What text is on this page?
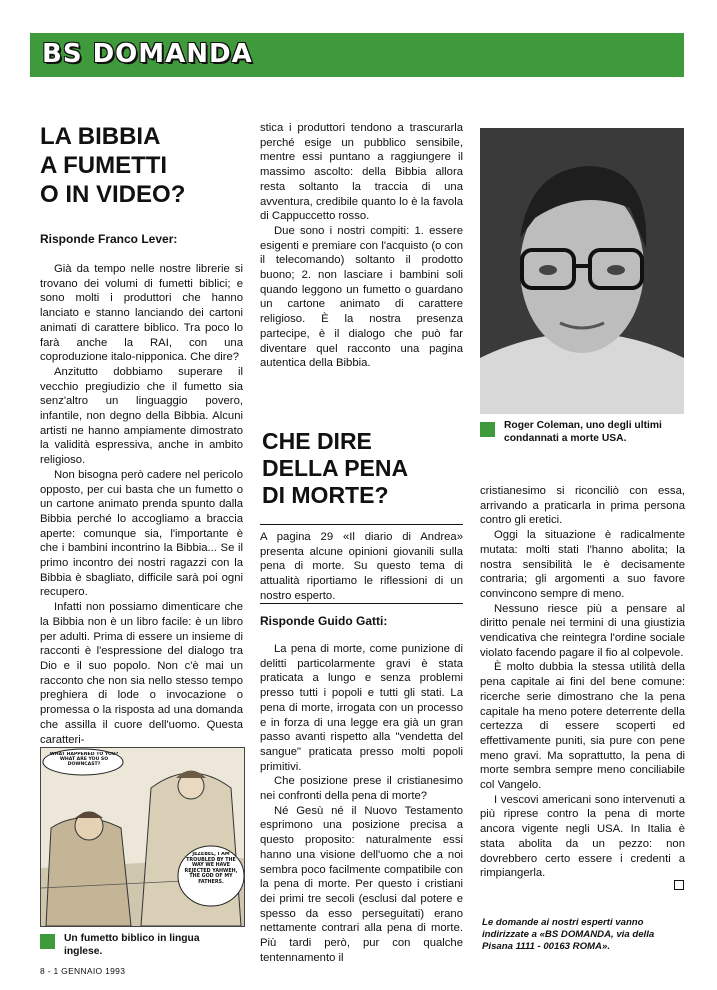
BS DOMANDA
LA BIBBIA
A FUMETTI
O IN VIDEO?
Risponde Franco Lever:

Già da tempo nelle nostre librerie si trovano dei volumi di fumetti biblici; e sono molti i produttori che hanno lanciato e stanno lanciando dei cartoni animati di carattere biblico. Tra poco lo farà anche la RAI, con una coproduzione italo-nipponica. Che dire?

Anzitutto dobbiamo superare il vecchio pregiudizio che il fumetto sia senz'altro un linguaggio povero, infantile, non degno della Bibbia. Alcuni artisti ne hanno ampiamente dimostrato la validità espressiva, anche in ambito religioso.

Non bisogna però cadere nel pericolo opposto, per cui basta che un fumetto o un cartone animato prenda spunto dalla Bibbia perché lo accogliamo a braccia aperte: comunque sia, l'importante è che i bambini incontrino la Bibbia... Se il primo incontro dei nostri ragazzi con la Bibbia è sbagliato, difficile sarà poi ogni recupero.

Infatti non possiamo dimenticare che la Bibbia non è un libro facile: è un libro per adulti. Prima di essere un insieme di racconti è l'espressione del dialogo tra Dio e il suo popolo. Non c'è mai un racconto che non sia nello stesso tempo preghiera di lode o invocazione o promessa o la risposta ad una domanda che assilla il cuore dell'uomo. Questa caratteri-

WHAT HAPPENED TO YOU? WHAT ARE YOU SO DOWNCAST?
JEZEBEL, I AM TROUBLED BY THE WAY WE HAVE REJECTED YAHWEH, THE GOD OF MY FATHERS.
Un fumetto biblico in lingua inglese.

stica i produttori tendono a trascurarla perché esige un pubblico sensibile, mentre essi puntano a raggiungere il massimo ascolto: della Bibbia allora resta soltanto la traccia di una avventura, credibile quanto lo è la favola di Cappuccetto rosso.

Due sono i nostri compiti: 1. essere esigenti e premiare con l'acquisto (o con il telecomando) soltanto il prodotto buono; 2. non lasciare i bambini soli quando leggono un fumetto o guardano un cartone animato di carattere religioso. È la nostra presenza partecipe, è il dialogo che può far diventare quel racconto una pagina autentica della Bibbia.

Roger Coleman, uno degli ultimi condannati a morte USA.
CHE DIRE
DELLA PENA
DI MORTE?

A pagina 29 «Il diario di Andrea» presenta alcune opinioni giovanili sulla pena di morte. Su questo tema di attualità riportiamo le riflessioni di un nostro esperto.

Risponde Guido Gatti:

La pena di morte, come punizione di delitti particolarmente gravi è stata praticata a lungo e senza problemi presso tutti i popoli e tutti gli stati. La pena di morte, irrogata con un processo e in forza di una legge era già un gran passo avanti rispetto alla "vendetta del sangue" praticata presso molti popoli primitivi.

Che posizione prese il cristianesimo nei confronti della pena di morte?

Né Gesù né il Nuovo Testamento esprimono una posizione precisa a questo proposito: naturalmente essi hanno una visione dell'uomo che a noi sembra poco facilmente compatibile con la pena di morte. Per questo i cristiani dei primi tre secoli (esclusi dal potere e spesso da esso perseguitati) erano nettamente contrari alla pena di morte. Più tardi però, pur con qualche tentennamento il

cristianesimo si riconciliò con essa, arrivando a praticarla in prima persona contro gli eretici.

Oggi la situazione è radicalmente mutata: molti stati l'hanno abolita; la nostra sensibilità le è decisamente contraria; gli argomenti a suo favore convincono sempre di meno.

Nessuno riesce più a pensare al diritto penale nei termini di una giustizia vendicativa che reintegra l'ordine sociale violato facendo pagare il fio al colpevole.

È molto dubbia la stessa utilità della pena capitale ai fini del bene comune: ricerche serie dimostrano che la pena capitale ha meno potere deterrente della certezza di essere scoperti ed effettivamente puniti, sia pure con pene meno gravi. Ma soprattutto, la pena di morte sembra sempre meno conciliabile col Vangelo.

I vescovi americani sono intervenuti a più riprese contro la pena di morte ancora vigente negli USA. In Italia è stata abolita da un pezzo: non dovrebbero certo essere i credenti a rimpiangerla.

Le domande ai nostri esperti vanno indirizzate a «BS DOMANDA, via della Pisana 1111 - 00163 ROMA».
8 - 1 GENNAIO 1993
